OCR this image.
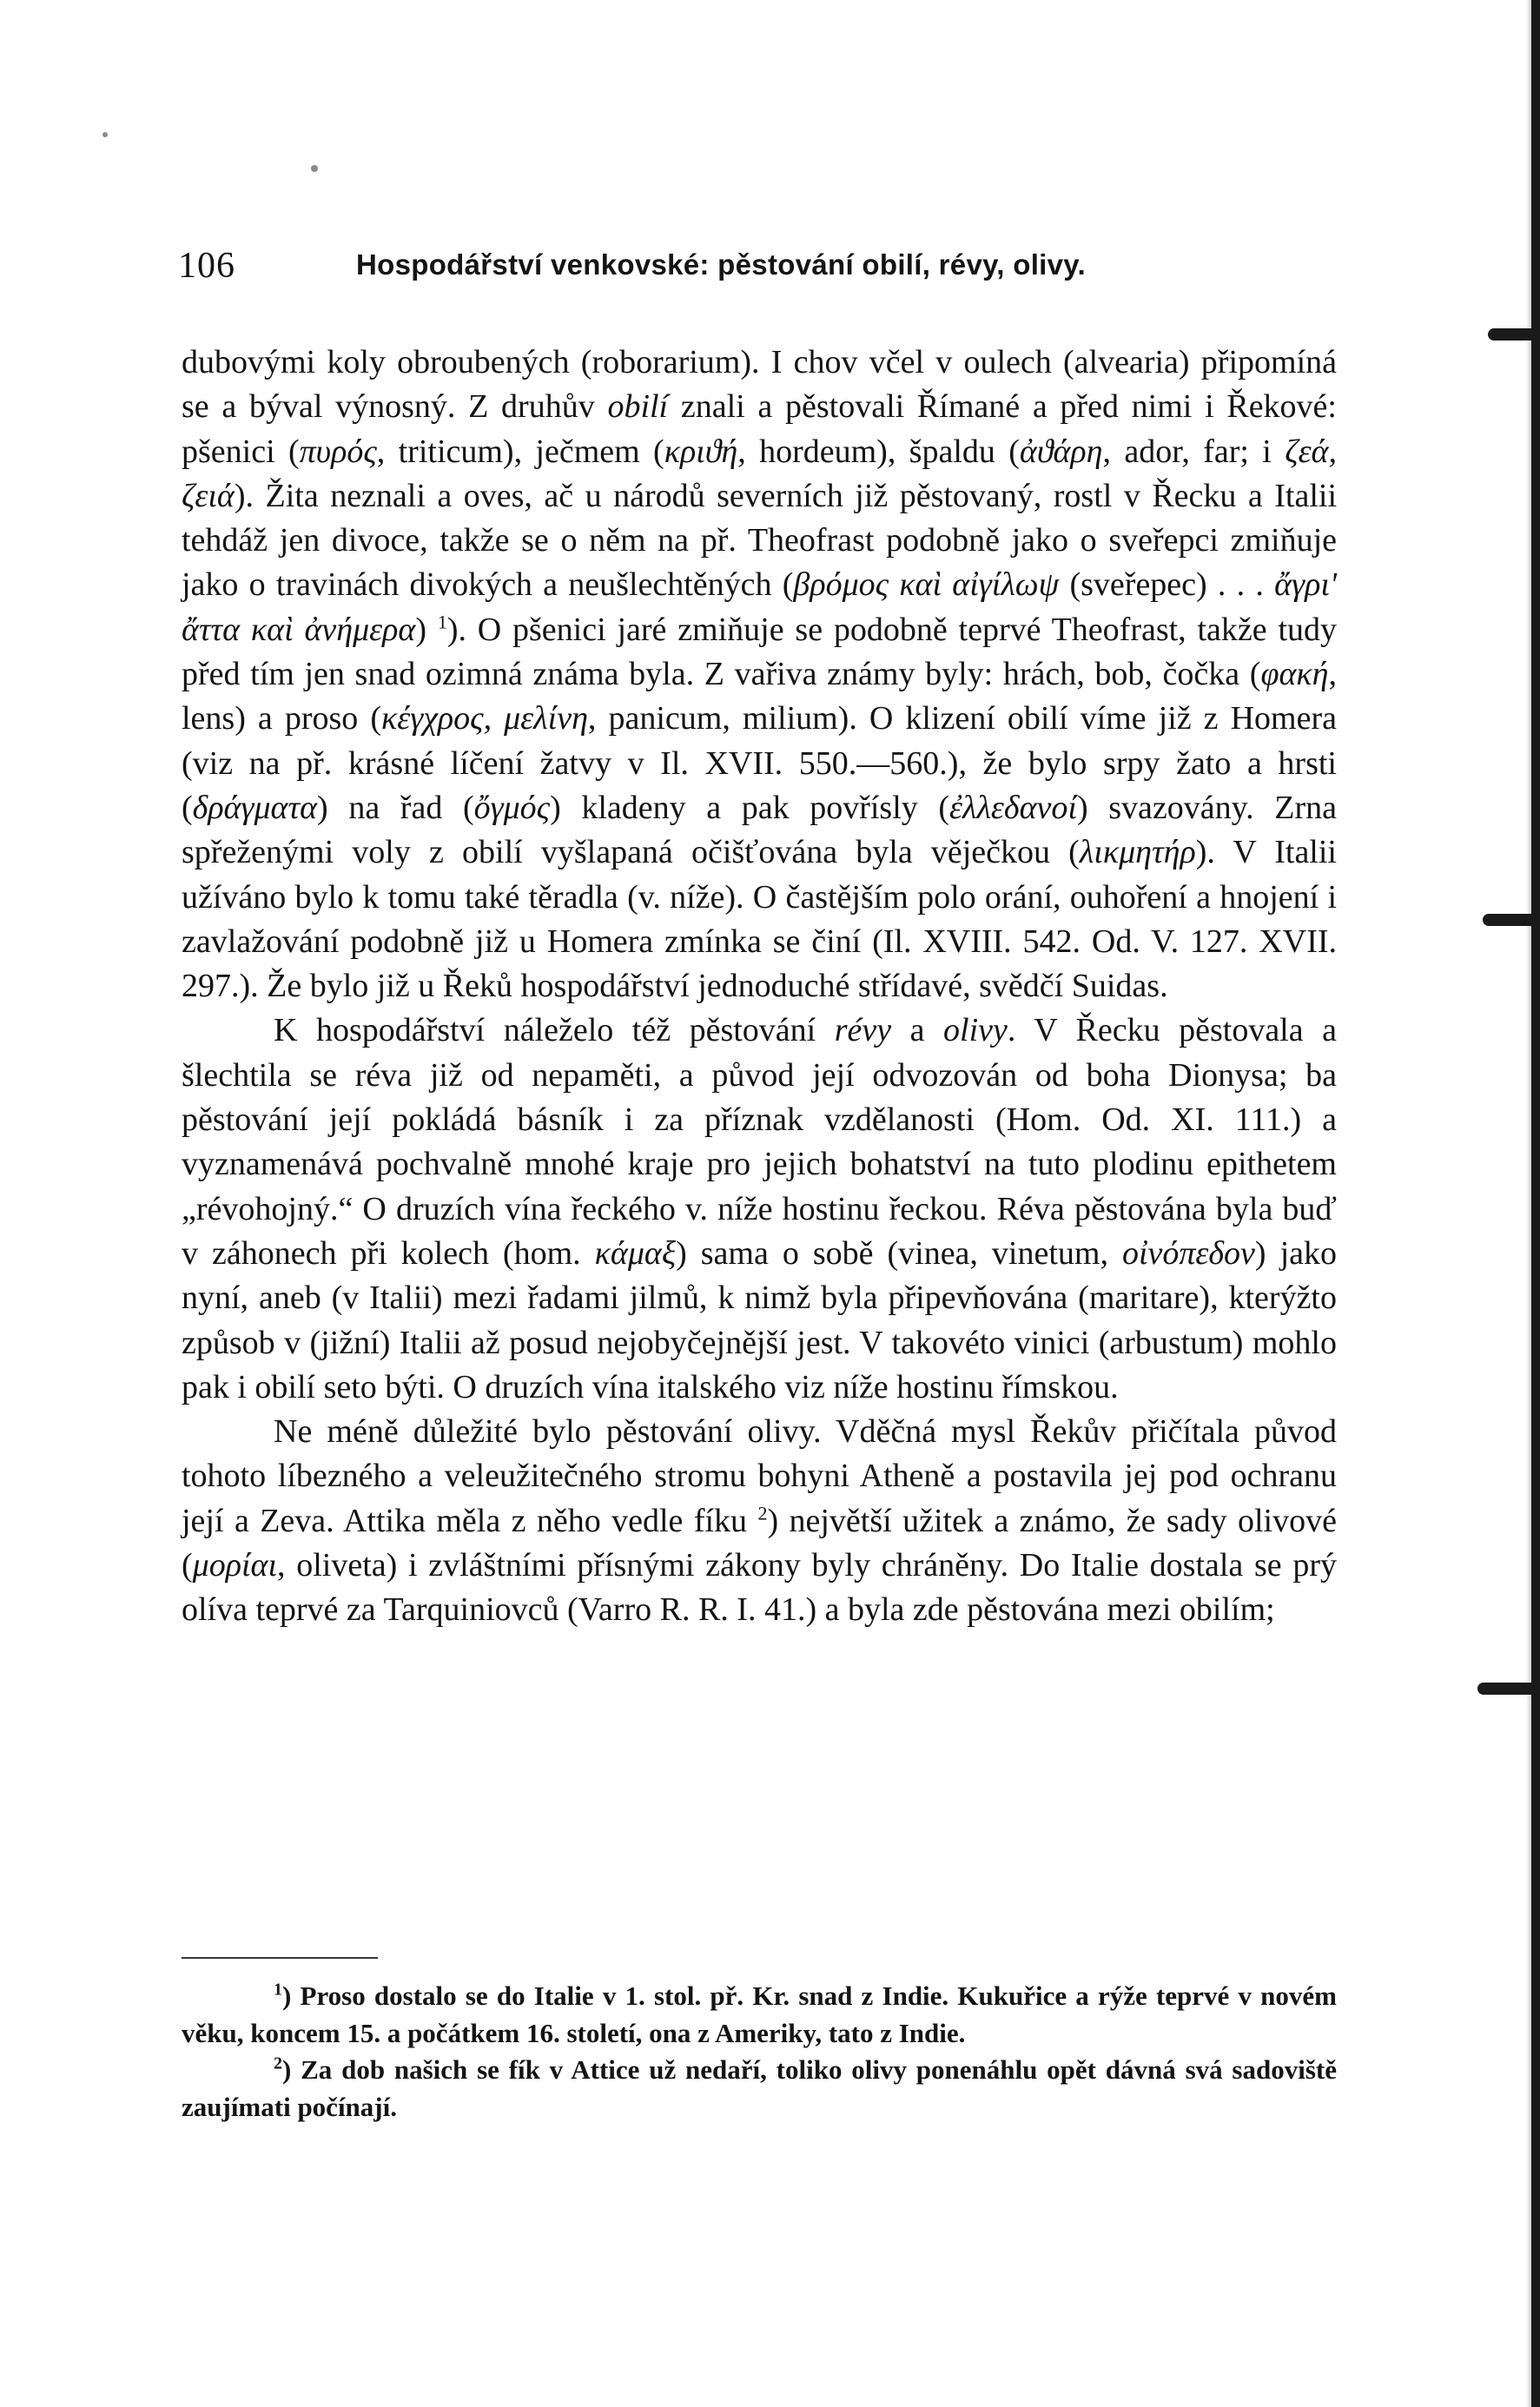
106	Hospodářství venkovské: pěstování obilí, révy, olivy.

dubovými koly obroubených (roborarium). I chov včel v oulech (alvearia) připomíná se a býval výnosný. Z druhův obilí znali a pěstovali Římané a před nimi i Řekové: pšenici (πυρός, triticum), ječmem (κριϑή, hordeum), špaldu (ἀϑάρη, ador, far; i ζεά, ζειά). Žita neznali a oves, ač u národů severních již pěstovaný, rostl v Řecku a Italii tehdáž jen divoce, takže se o něm na př. Theofrast podobně jako o sveřepci zmiňuje jako o travinách divokých a neušlechtěných (βρόμος καὶ αἰγίλωψ (sveřepec) . . . ἄγρι' ἄττα καὶ ἀνήμερα) $^1$). O pšenici jaré zmiňuje se podobně teprvé Theofrast, takže tudy před tím jen snad ozimná známa byla. Z vařiva známy byly: hrách, bob, čočka (φακή, lens) a proso (κέγχρος, μελίνη, panicum, milium). O klizení obilí víme již z Homera (viz na př. krásné líčení žatvy v Il. XVII. 550.—560.), že bylo srpy žato a hrsti (δράγματα) na řad (ὄγμός) kladeny a pak povřísly (ἐλλεδανοί) svazovány. Zrna spřeženými voly z obilí vyšlapaná očišťována byla věječkou (λικμητήρ). V Italii užíváno bylo k tomu také těradla (v. níže). O častějším polo orání, ouhoření a hnojení i zavlažování podobně již u Homera zmínka se činí (Il. XVIII. 542. Od. V. 127. XVII. 297.). Že bylo již u Řeků hospodářství jednoduché střídavé, svědčí Suidas.

K hospodářství náleželo též pěstování révy a olivy. V Řecku pěstovala a šlechtila se réva již od nepaměti, a původ její odvozován od boha Dionysa; ba pěstování její pokládá básník i za příznak vzdělanosti (Hom. Od. XI. 111.) a vyznamenává pochvalně mnohé kraje pro jejich bohatství na tuto plodinu epithetem „révohojný.“ O druzích vína řeckého v. níže hostinu řeckou. Réva pěstována byla buď v záhonech při kolech (hom. κάμαξ) sama o sobě (vinea, vinetum, οἰνόπεδον) jako nyní, aneb (v Italii) mezi řadami jilmů, k nimž byla připevňována (maritare), kterýžto způsob v (jižní) Italii až posud nejobyčejnější jest. V takovéto vinici (arbustum) mohlo pak i obilí seto býti. O druzích vína italského viz níže hostinu římskou.

Ne méně důležité bylo pěstování olivy. Vděčná mysl Řekův přičítala původ tohoto líbezného a veleužitečného stromu bohyni Atheně a postavila jej pod ochranu její a Zeva. Attika měla z něho vedle fíku $^2$) největší užitek a známo, že sady olivové (μορίαι, oliveta) i zvláštními přísnými zákony byly chráněny. Do Italie dostala se prý olíva teprvé za Tarquiniovců (Varro R. R. I. 41.) a byla zde pěstována mezi obilím;

$^1$) Proso dostalo se do Italie v 1. stol. př. Kr. snad z Indie. Kukuřice a rýže teprvé v novém věku, koncem 15. a počátkem 16. století, ona z Ameriky, tato z Indie.

$^2$) Za dob našich se fík v Attice už nedaří, toliko olivy ponenáhlu opět dávná svá sadoviště zaujímati počínají.
